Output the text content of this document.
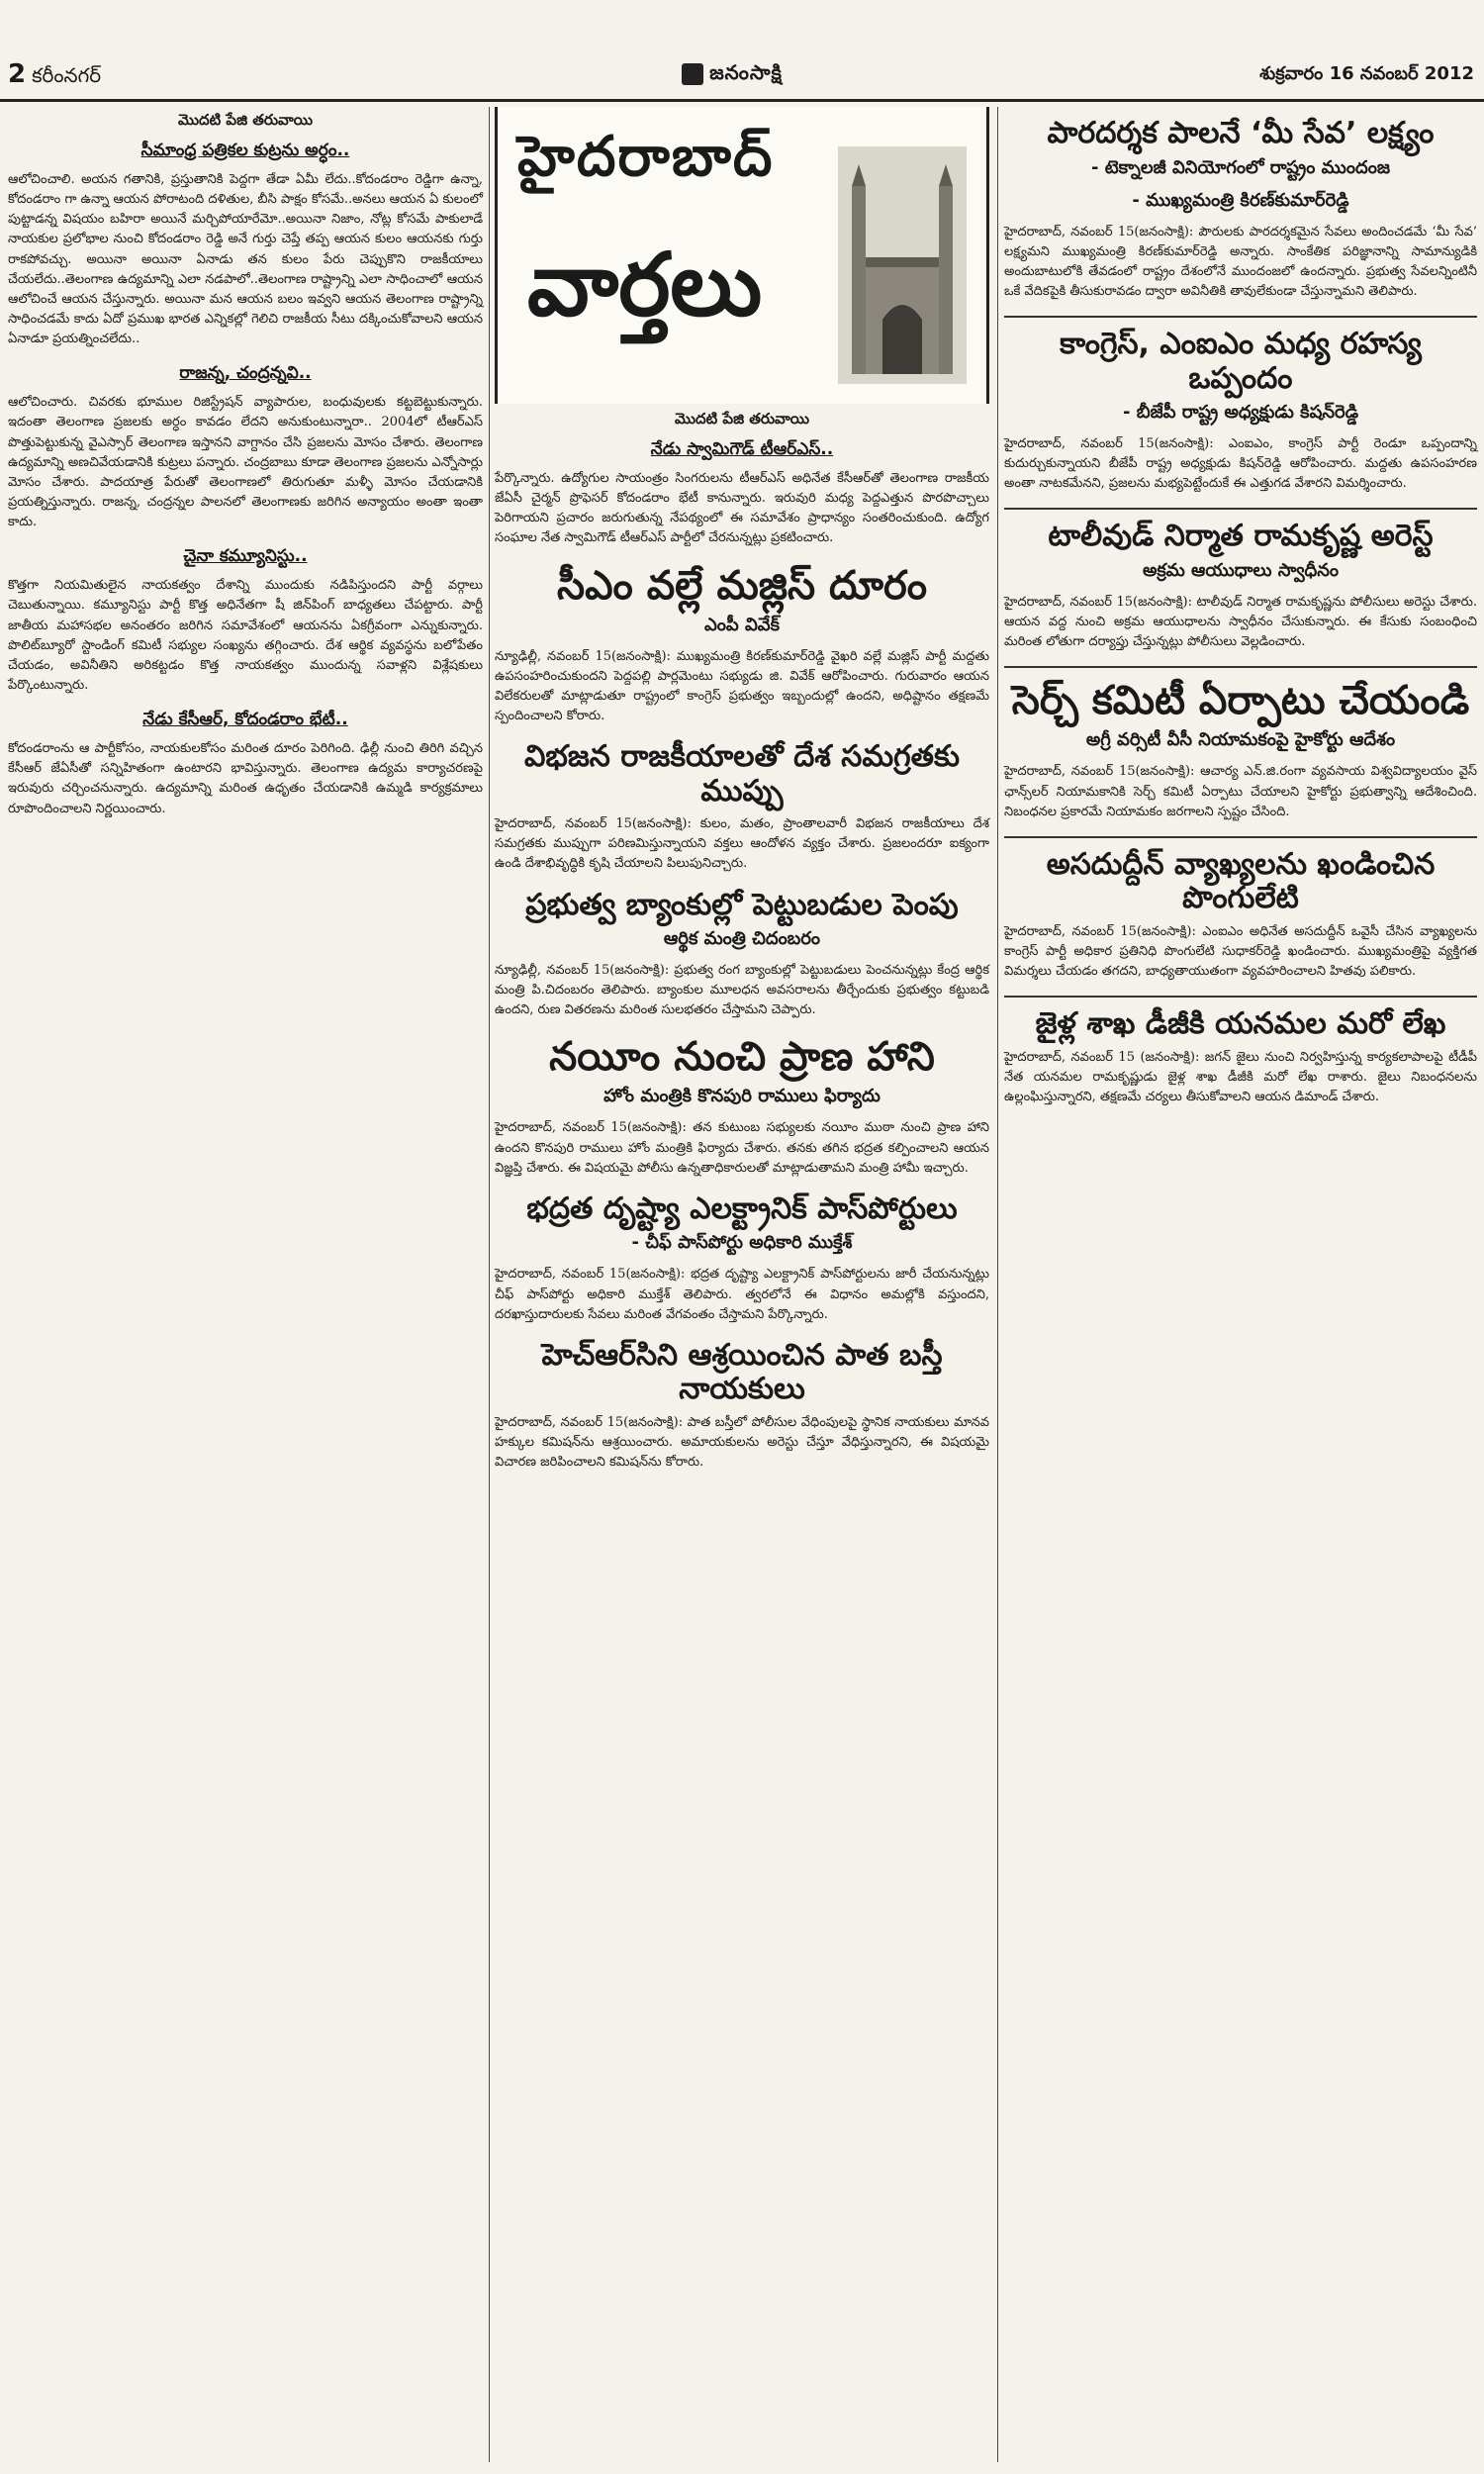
2 కరీంనగర్	జనంసాక్షి	శుక్రవారం 16 నవంబర్ 2012
మొదటి పేజి తరువాయి
సీమాంధ్ర పత్రికల కుట్రను అర్ధం..

ఆలోచించాలి. అయన గతానికి, ప్రస్తుతానికి పెద్దగా తేడా ఏమీ లేదు..కోదండరాం రెడ్డిగా ఉన్నా, కోదండరాం గా ఉన్నా ఆయన పోరాటంది దళితుల, బీసి పాక్షం కోసమే..అనలు ఆయన ఏ కులంలో పుట్టాడన్న విషయం బహిరా అయినే మర్చిపోయారేమో..అయినా నిజాం, నోట్ల కోసమే పాకులాడే నాయకుల ప్రలోభాల నుంచి కోదండరాం రెడ్డి అనే గుర్తు చెప్తే తప్ప ఆయన కులం ఆయనకు గుర్తు రాకపోవచ్చు. అయినా అయినా ఏనాడు తన కులం పేరు చెప్పుకొని రాజకీయాలు చేయలేదు..తెలంగాణ ఉద్యమాన్ని ఎలా నడపాలో..తెలంగాణ రాష్ట్రాన్ని ఎలా సాధించాలో ఆయన ఆలోచించే ఆయన చేస్తున్నారు. అయినా మన ఆయన బలం ఇవ్వని ఆయన తెలంగాణ రాష్ట్రాన్ని సాధించడమే కాదు ఏదో ప్రముఖ భారత ఎన్నికల్లో గెలిచి రాజకీయ సీటు దక్కించుకోవాలని ఆయన ఏనాడూ ప్రయత్నించలేదు..

రాజన్న, చంద్రన్నవి..

ఆలోచించారు. చివరకు భూముల రిజిస్ట్రేషన్ వ్యాపారుల, బంధువులకు కట్టబెట్టుకున్నారు. ఇదంతా తెలంగాణ ప్రజలకు అర్ధం కావడం లేదని అనుకుంటున్నారా.. 2004లో టీఆర్ఎస్ పొత్తుపెట్టుకున్న వైఎస్సార్ తెలంగాణ ఇస్తానని వాగ్దానం చేసి ప్రజలను మోసం చేశారు. తెలంగాణ ఉద్యమాన్ని అణచివేయడానికి కుట్రలు పన్నారు. చంద్రబాబు కూడా తెలంగాణ ప్రజలను ఎన్నోసార్లు మోసం చేశారు. పాదయాత్ర పేరుతో తెలంగాణలో తిరుగుతూ మళ్ళీ మోసం చేయడానికి ప్రయత్నిస్తున్నారు. రాజన్న, చంద్రన్నల పాలనలో తెలంగాణకు జరిగిన అన్యాయం అంతా ఇంతా కాదు.

చైనా కమ్యూనిస్టు..

కొత్తగా నియమితులైన నాయకత్వం దేశాన్ని ముందుకు నడిపిస్తుందని పార్టీ వర్గాలు చెబుతున్నాయి. కమ్యూనిస్టు పార్టీ కొత్త అధినేతగా షీ జిన్‌పింగ్ బాధ్యతలు చేపట్టారు. పార్టీ జాతీయ మహాసభల అనంతరం జరిగిన సమావేశంలో ఆయనను ఏకగ్రీవంగా ఎన్నుకున్నారు. పొలిట్‌బ్యూరో స్టాండింగ్ కమిటీ సభ్యుల సంఖ్యను తగ్గించారు. దేశ ఆర్థిక వ్యవస్థను బలోపేతం చేయడం, అవినీతిని అరికట్టడం కొత్త నాయకత్వం ముందున్న సవాళ్లని విశ్లేషకులు పేర్కొంటున్నారు.

నేడు కేసీఆర్, కోదండరాం భేటీ..

కోదండరాంను ఆ పార్టీకోసం, నాయకులకోసం మరింత దూరం పెరిగింది. ఢిల్లీ నుంచి తిరిగి వచ్చిన కేసీఆర్ జేఏసీతో సన్నిహితంగా ఉంటారని భావిస్తున్నారు. తెలంగాణ ఉద్యమ కార్యాచరణపై ఇరువురు చర్చించనున్నారు. ఉద్యమాన్ని మరింత ఉధృతం చేయడానికి ఉమ్మడి కార్యక్రమాలు రూపొందించాలని నిర్ణయించారు.

హైదరాబాద్
వార్తలు
మొదటి పేజి తరువాయి
నేడు స్వామిగౌడ్ టీఆర్ఎస్..

పేర్కొన్నారు. ఉద్యోగుల సాయంత్రం సింగరులను టీఆర్ఎస్ అధినేత కేసీఆర్‌తో తెలంగాణ రాజకీయ జేఏసీ చైర్మన్ ప్రొఫెసర్ కోదండరాం భేటీ కానున్నారు. ఇరువురి మధ్య పెద్దఎత్తున పొరపొచ్చాలు పెరిగాయని ప్రచారం జరుగుతున్న నేపథ్యంలో ఈ సమావేశం ప్రాధాన్యం సంతరించుకుంది. ఉద్యోగ సంఘాల నేత స్వామిగౌడ్ టీఆర్ఎస్ పార్టీలో చేరనున్నట్లు ప్రకటించారు.

సీఎం వల్లే మజ్లిస్ దూరం
ఎంపీ వివేక్

న్యూఢిల్లీ, నవంబర్ 15(జనంసాక్షి): ముఖ్యమంత్రి కిరణ్‌కుమార్‌రెడ్డి వైఖరి వల్లే మజ్లిస్ పార్టీ మద్దతు ఉపసంహరించుకుందని పెద్దపల్లి పార్లమెంటు సభ్యుడు జి. వివేక్ ఆరోపించారు. గురువారం ఆయన విలేకరులతో మాట్లాడుతూ రాష్ట్రంలో కాంగ్రెస్ ప్రభుత్వం ఇబ్బందుల్లో ఉందని, అధిష్టానం తక్షణమే స్పందించాలని కోరారు.

విభజన రాజకీయాలతో దేశ సమగ్రతకు ముప్పు

హైదరాబాద్, నవంబర్ 15(జనంసాక్షి): కులం, మతం, ప్రాంతాలవారీ విభజన రాజకీయాలు దేశ సమగ్రతకు ముప్పుగా పరిణమిస్తున్నాయని వక్తలు ఆందోళన వ్యక్తం చేశారు. ప్రజలందరూ ఐక్యంగా ఉండి దేశాభివృద్ధికి కృషి చేయాలని పిలుపునిచ్చారు.

ప్రభుత్వ బ్యాంకుల్లో పెట్టుబడుల పెంపు
ఆర్థిక మంత్రి చిదంబరం

న్యూఢిల్లీ, నవంబర్ 15(జనంసాక్షి): ప్రభుత్వ రంగ బ్యాంకుల్లో పెట్టుబడులు పెంచనున్నట్లు కేంద్ర ఆర్థిక మంత్రి పి.చిదంబరం తెలిపారు. బ్యాంకుల మూలధన అవసరాలను తీర్చేందుకు ప్రభుత్వం కట్టుబడి ఉందని, రుణ వితరణను మరింత సులభతరం చేస్తామని చెప్పారు.

నయీం నుంచి ప్రాణ హాని
హోం మంత్రికి కొనపురి రాములు ఫిర్యాదు

హైదరాబాద్, నవంబర్ 15(జనంసాక్షి): తన కుటుంబ సభ్యులకు నయీం ముఠా నుంచి ప్రాణ హాని ఉందని కొనపురి రాములు హోం మంత్రికి ఫిర్యాదు చేశారు. తనకు తగిన భద్రత కల్పించాలని ఆయన విజ్ఞప్తి చేశారు. ఈ విషయమై పోలీసు ఉన్నతాధికారులతో మాట్లాడుతామని మంత్రి హామీ ఇచ్చారు.

భద్రత దృష్ట్యా ఎలక్ట్రానిక్ పాస్‌పోర్టులు
- చీఫ్ పాస్‌పోర్టు అధికారి ముక్తేశ్

హైదరాబాద్, నవంబర్ 15(జనంసాక్షి): భద్రత దృష్ట్యా ఎలక్ట్రానిక్ పాస్‌పోర్టులను జారీ చేయనున్నట్లు చీఫ్ పాస్‌పోర్టు అధికారి ముక్తేశ్ తెలిపారు. త్వరలోనే ఈ విధానం అమల్లోకి వస్తుందని, దరఖాస్తుదారులకు సేవలు మరింత వేగవంతం చేస్తామని పేర్కొన్నారు.

హెచ్ఆర్‌సిని ఆశ్రయించిన పాత బస్తీ నాయకులు

హైదరాబాద్, నవంబర్ 15(జనంసాక్షి): పాత బస్తీలో పోలీసుల వేధింపులపై స్థానిక నాయకులు మానవ హక్కుల కమిషన్‌ను ఆశ్రయించారు. అమాయకులను అరెస్టు చేస్తూ వేధిస్తున్నారని, ఈ విషయమై విచారణ జరిపించాలని కమిషన్‌ను కోరారు.

పారదర్శక పాలనే ‘మీ సేవ’ లక్ష్యం
- టెక్నాలజీ వినియోగంలో రాష్ట్రం ముందంజ
- ముఖ్యమంత్రి కిరణ్‌కుమార్‌రెడ్డి

హైదరాబాద్, నవంబర్ 15(జనంసాక్షి): పౌరులకు పారదర్శకమైన సేవలు అందించడమే ‘మీ సేవ’ లక్ష్యమని ముఖ్యమంత్రి కిరణ్‌కుమార్‌రెడ్డి అన్నారు. సాంకేతిక పరిజ్ఞానాన్ని సామాన్యుడికి అందుబాటులోకి తేవడంలో రాష్ట్రం దేశంలోనే ముందంజలో ఉందన్నారు. ప్రభుత్వ సేవలన్నింటినీ ఒకే వేదికపైకి తీసుకురావడం ద్వారా అవినీతికి తావులేకుండా చేస్తున్నామని తెలిపారు.

కాంగ్రెస్, ఎంఐఎం మధ్య రహస్య ఒప్పందం
- బీజేపీ రాష్ట్ర అధ్యక్షుడు కిషన్‌రెడ్డి

హైదరాబాద్, నవంబర్ 15(జనంసాక్షి): ఎంఐఎం, కాంగ్రెస్ పార్టీ రెండూ ఒప్పందాన్ని కుదుర్చుకున్నాయని బీజేపీ రాష్ట్ర అధ్యక్షుడు కిషన్‌రెడ్డి ఆరోపించారు. మద్దతు ఉపసంహరణ అంతా నాటకమేనని, ప్రజలను మభ్యపెట్టేందుకే ఈ ఎత్తుగడ వేశారని విమర్శించారు.

టాలీవుడ్ నిర్మాత రామకృష్ణ అరెస్ట్
అక్రమ ఆయుధాలు స్వాధీనం

హైదరాబాద్, నవంబర్ 15(జనంసాక్షి): టాలీవుడ్ నిర్మాత రామకృష్ణను పోలీసులు అరెస్టు చేశారు. ఆయన వద్ద నుంచి అక్రమ ఆయుధాలను స్వాధీనం చేసుకున్నారు. ఈ కేసుకు సంబంధించి మరింత లోతుగా దర్యాప్తు చేస్తున్నట్లు పోలీసులు వెల్లడించారు.

సెర్చ్ కమిటీ ఏర్పాటు చేయండి
అగ్రీ వర్సిటీ వీసీ నియామకంపై హైకోర్టు ఆదేశం

హైదరాబాద్, నవంబర్ 15(జనంసాక్షి): ఆచార్య ఎన్.జి.రంగా వ్యవసాయ విశ్వవిద్యాలయం వైస్ ఛాన్స్‌లర్ నియామకానికి సెర్చ్ కమిటీ ఏర్పాటు చేయాలని హైకోర్టు ప్రభుత్వాన్ని ఆదేశించింది. నిబంధనల ప్రకారమే నియామకం జరగాలని స్పష్టం చేసింది.

అసదుద్దీన్ వ్యాఖ్యలను ఖండించిన పొంగులేటి

హైదరాబాద్, నవంబర్ 15(జనంసాక్షి): ఎంఐఎం అధినేత అసదుద్దీన్ ఒవైసీ చేసిన వ్యాఖ్యలను కాంగ్రెస్ పార్టీ అధికార ప్రతినిధి పొంగులేటి సుధాకర్‌రెడ్డి ఖండించారు. ముఖ్యమంత్రిపై వ్యక్తిగత విమర్శలు చేయడం తగదని, బాధ్యతాయుతంగా వ్యవహరించాలని హితవు పలికారు.

జైళ్ల శాఖ డీజీకి యనమల మరో లేఖ

హైదరాబాద్, నవంబర్ 15 (జనంసాక్షి): జగన్ జైలు నుంచి నిర్వహిస్తున్న కార్యకలాపాలపై టీడీపీ నేత యనమల రామకృష్ణుడు జైళ్ల శాఖ డీజీకి మరో లేఖ రాశారు. జైలు నిబంధనలను ఉల్లంఘిస్తున్నారని, తక్షణమే చర్యలు తీసుకోవాలని ఆయన డిమాండ్ చేశారు.
